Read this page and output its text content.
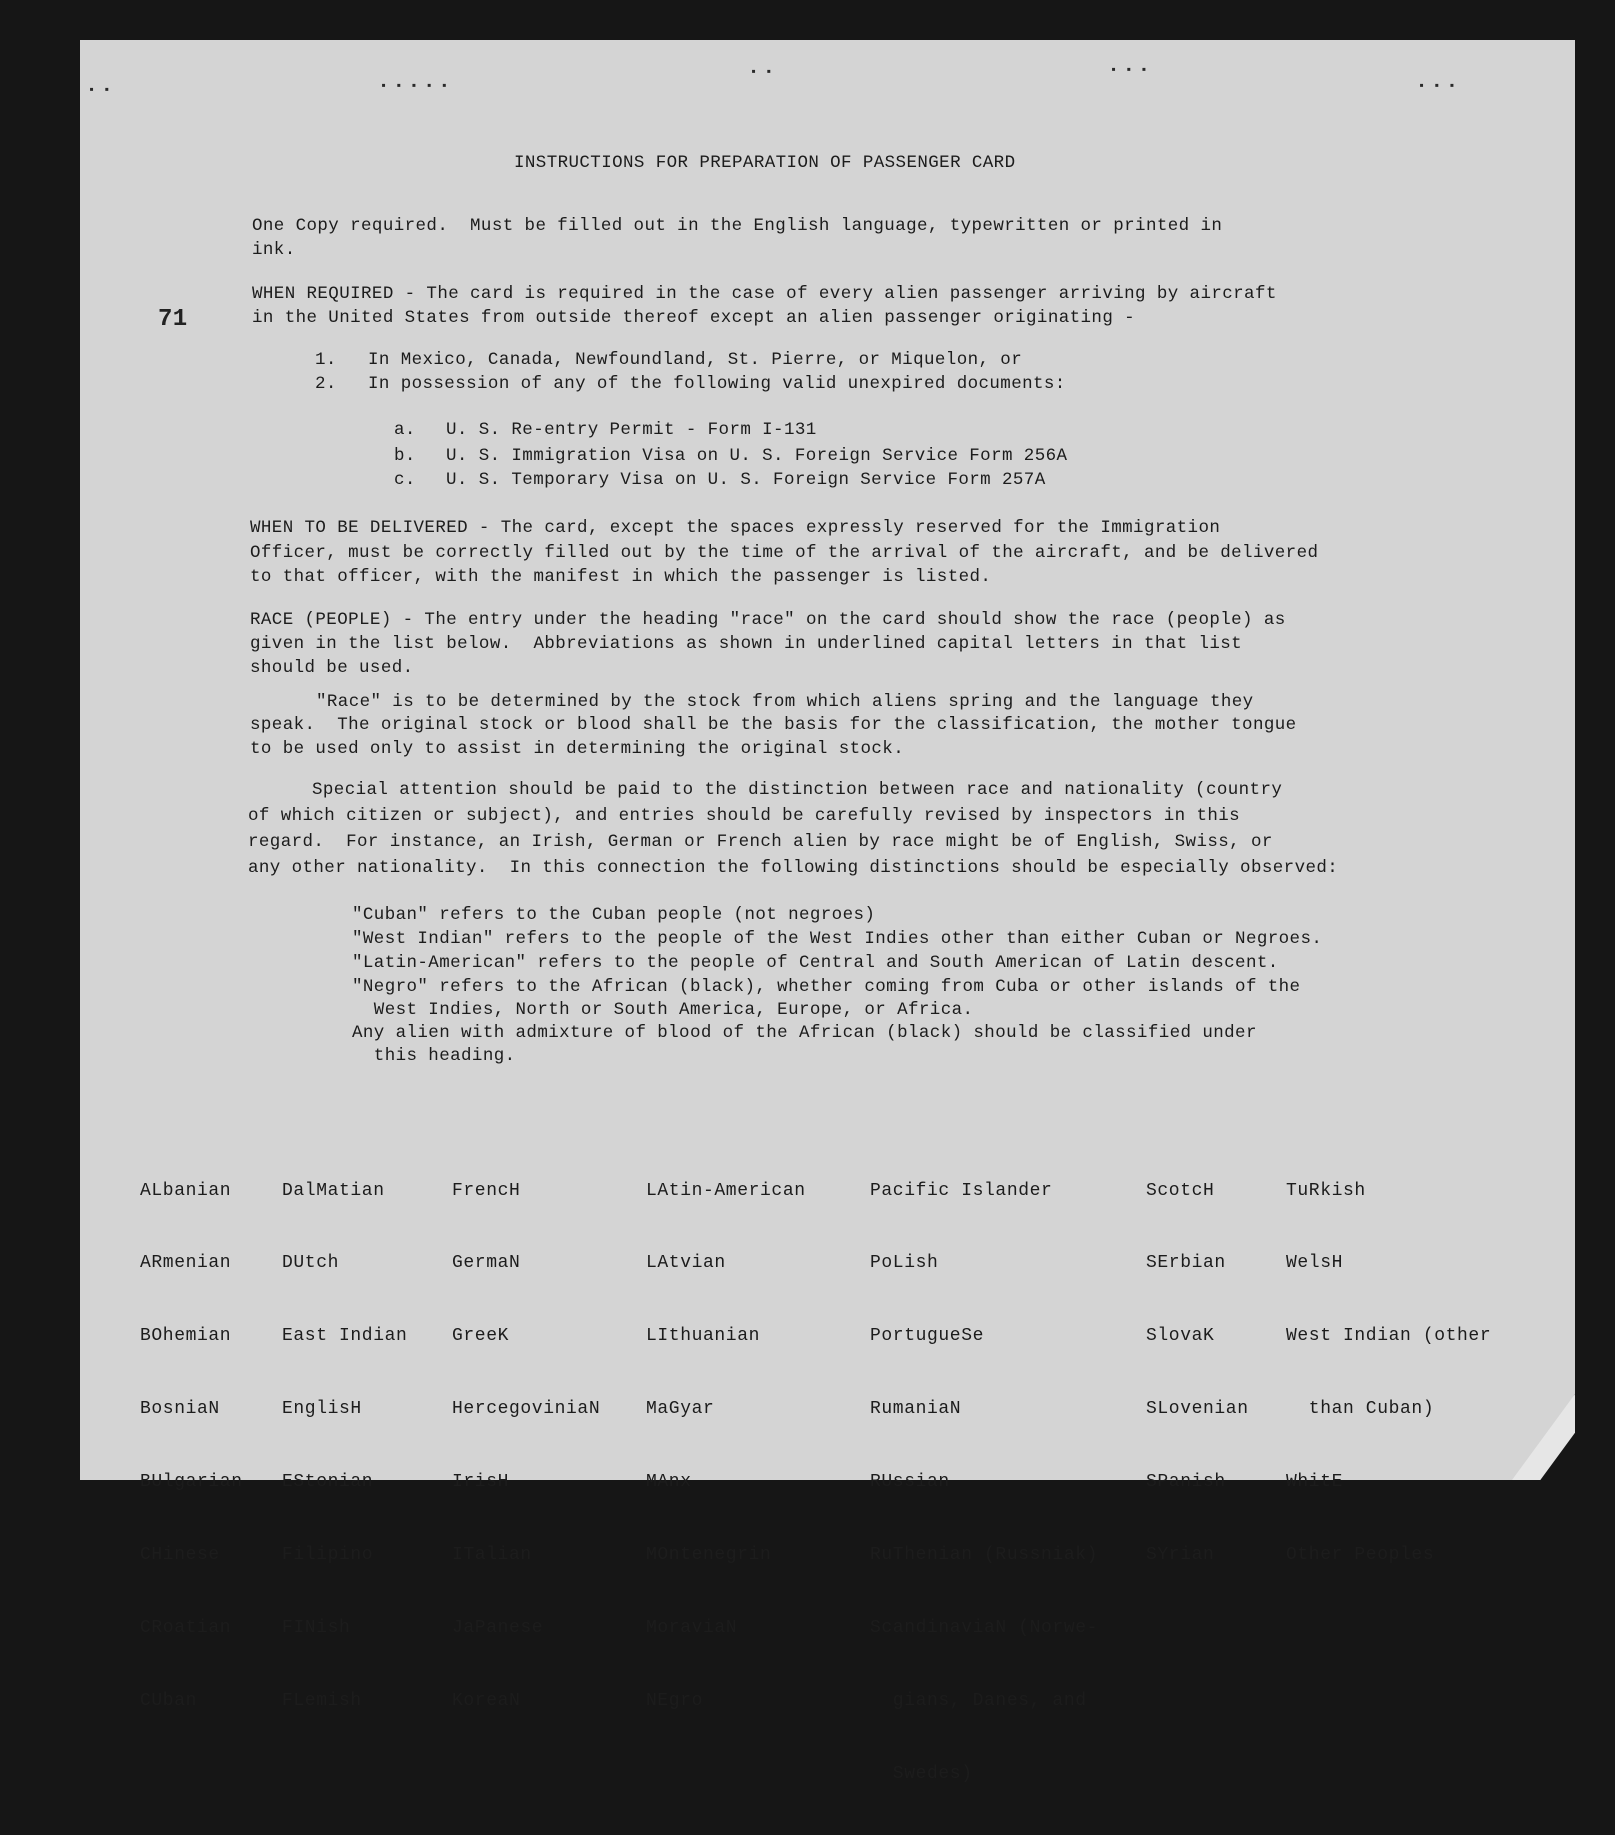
▪ ▪	▪ ▪ ▪ ▪ ▪
▪ ▪	▪ ▪ ▪
▪ ▪ ▪
71
INSTRUCTIONS FOR PREPARATION OF PASSENGER CARD
One Copy required.  Must be filled out in the English language, typewritten or printed in
ink.
WHEN REQUIRED - The card is required in the case of every alien passenger arriving by aircraft
in the United States from outside thereof except an alien passenger originating -
1. In Mexico, Canada, Newfoundland, St. Pierre, or Miquelon, or
2. In possession of any of the following valid unexpired documents:
a. U. S. Re-entry Permit - Form I-131
b. U. S. Immigration Visa on U. S. Foreign Service Form 256A
c. U. S. Temporary Visa on U. S. Foreign Service Form 257A
WHEN TO BE DELIVERED - The card, except the spaces expressly reserved for the Immigration
Officer, must be correctly filled out by the time of the arrival of the aircraft, and be delivered
to that officer, with the manifest in which the passenger is listed.
RACE (PEOPLE) - The entry under the heading "race" on the card should show the race (people) as
given in the list below.  Abbreviations as shown in underlined capital letters in that list
should be used.
"Race" is to be determined by the stock from which aliens spring and the language they
speak.  The original stock or blood shall be the basis for the classification, the mother tongue
to be used only to assist in determining the original stock.
Special attention should be paid to the distinction between race and nationality (country
of which citizen or subject), and entries should be carefully revised by inspectors in this
regard.  For instance, an Irish, German or French alien by race might be of English, Swiss, or
any other nationality.  In this connection the following distinctions should be especially observed:
"Cuban" refers to the Cuban people (not negroes)
"West Indian" refers to the people of the West Indies other than either Cuban or Negroes.
"Latin-American" refers to the people of Central and South American of Latin descent.
"Negro" refers to the African (black), whether coming from Cuba or other islands of the
West Indies, North or South America, Europe, or Africa.
Any alien with admixture of blood of the African (black) should be classified under
this heading.

ALbanian

ARmenian

BOhemian

BosniaN

BUlgarian

CHinese

CRoatian

CUban

DalMatian

DUtch

East Indian

EnglisH

EStonian

Filipino

FINish

FLemish

FrencH

GermaN

GreeK

HercegoviniaN

IrisH

ITalian

JaPanese

KoreaN

LAtin-American

LAtvian

LIthuanian

MaGyar

MAnx

MOntenegrin

MoraviaN

NEgro

Pacific Islander

PoLish

PortugueSe

RumaniaN

RUssian

RuThenian (Russniak)

ScandinaviaN (Norwe-

gians, Danes, and

Swedes)

ScotcH

SErbian

SlovaK

SLovenian

SPanish

SYrian

TuRkish

WelsH

West Indian (other

than Cuban)

WhitE

Other Peoples
